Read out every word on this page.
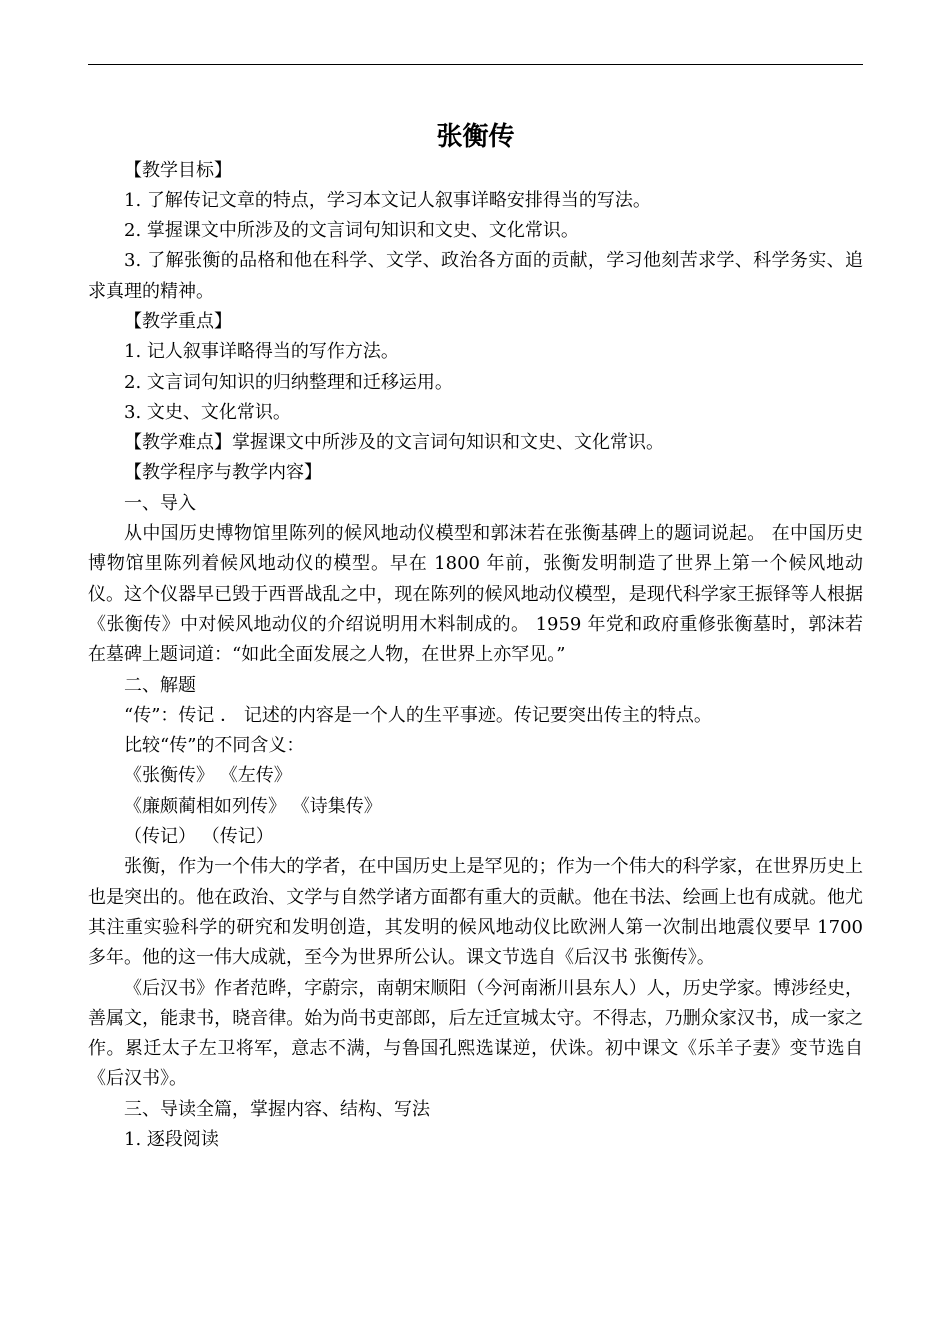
张衡传

【教学目标】

1. 了解传记文章的特点，学习本文记人叙事详略安排得当的写法。

2. 掌握课文中所涉及的文言词句知识和文史、文化常识。

3. 了解张衡的品格和他在科学、文学、政治各方面的贡献，学习他刻苦求学、科学务实、追求真理的精神。

【教学重点】

1. 记人叙事详略得当的写作方法。

2. 文言词句知识的归纳整理和迁移运用。

3. 文史、文化常识。

【教学难点】掌握课文中所涉及的文言词句知识和文史、文化常识。

【教学程序与教学内容】

一、导入

从中国历史博物馆里陈列的候风地动仪模型和郭沫若在张衡基碑上的题词说起。 在中国历史博物馆里陈列着候风地动仪的模型。早在 1800 年前，张衡发明制造了世界上第一个候风地动仪。这个仪器早已毁于西晋战乱之中，现在陈列的候风地动仪模型，是现代科学家王振铎等人根据《张衡传》中对候风地动仪的介绍说明用木料制成的。 1959 年党和政府重修张衡墓时，郭沫若在墓碑上题词道：“如此全面发展之人物，在世界上亦罕见。”

二、解题

“传”：传记 ． 记述的内容是一个人的生平事迹。传记要突出传主的特点。

比较“传”的不同含义：

《张衡传》 《左传》

《廉颇蔺相如列传》 《诗集传》

（传记） （传记）

张衡，作为一个伟大的学者，在中国历史上是罕见的；作为一个伟大的科学家，在世界历史上也是突出的。他在政治、文学与自然学诸方面都有重大的贡献。他在书法、绘画上也有成就。他尤其注重实验科学的研究和发明创造，其发明的候风地动仪比欧洲人第一次制出地震仪要早 1700 多年。他的这一伟大成就，至今为世界所公认。课文节选自《后汉书 张衡传》。

《后汉书》作者范晔，字蔚宗，南朝宋顺阳（今河南淅川县东人）人，历史学家。博涉经史，善属文，能隶书，晓音律。始为尚书吏部郎，后左迁宣城太守。不得志，乃删众家汉书，成一家之作。累迁太子左卫将军，意志不满，与鲁国孔熙选谋逆，伏诛。初中课文《乐羊子妻》变节选自《后汉书》。

三、导读全篇，掌握内容、结构、写法

1. 逐段阅读
